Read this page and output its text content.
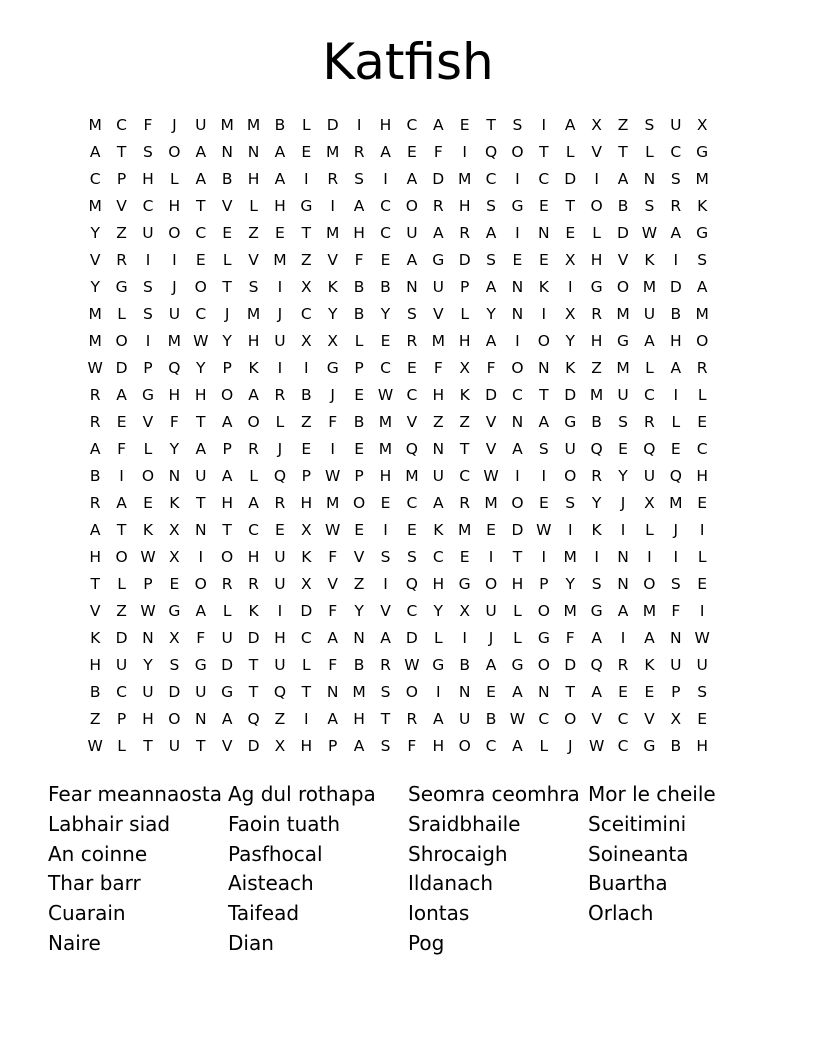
Katfish
M C	F	J	U M M B	L	D	I	H C	A	E	T	S	I	A	X	Z	S	U X
A	T	S O A N N A	E M R	A	E	F	I	Q O	T	L	V	T	L	C G
C	P	H	L	A	B H A	I	R	S	I	A D M C	I	C D	I	A N	S M
M V	C H	T	V	L	H G	I	A	C O R H	S G E	T	O B	S	R	K
Y	Z U O C	E	Z	E	T M H C U A	R	A	I	N	E	L	D W A G
V	R	I	I	E	L	V M Z	V	F	E	A G D	S	E	E	X H V	K	I	S
Y	G S	J	O	T	S	I	X	K	B	B N U	P	A N	K	I	G O M D A
M L	S	U C	J	M	J	C	Y	B	Y	S	V	L	Y	N	I	X	R M U B M
M O	I	M W Y	H U X	X	L	E	R M H A	I	O	Y	H G A H O
W D	P	Q	Y	P	K	I	I	G	P	C	E	F	X	F	O N	K	Z M L	A	R
R	A G H H O A	R	B	J	E W C H K D C	T	D M U C	I	L
R	E	V	F	T	A O	L	Z	F	B M V	Z	Z	V N A G B	S	R	L	E
A	F	L	Y	A	P	R	J	E	I	E M Q N	T	V	A	S	U Q E Q E	C
B	I	O N U A	L	Q	P W P	H M U C W	I	I	O R	Y	U Q H
R	A	E	K	T	H A	R H M O E	C	A	R M O E	S	Y	J	X M E
A	T	K	X N	T	C	E	X W E	I	E	K M E	D W	I	K	I	L	J	I
H O W X	I	O H U	K	F	V	S	S	C	E	I	T	I	M	I	N	I	I	L
T	L	P	E O R	R U X	V	Z	I	Q H G O H	P	Y	S	N O S	E
V	Z W G A	L	K	I	D	F	Y	V	C	Y	X U	L	O M G A M F	I
K D N X	F	U D H C	A N A D	L	I	J	L	G	F	A	I	A N W
H U	Y	S G D	T	U	L	F	B	R W G B	A G O D Q R	K	U U
B	C U D U G	T	Q	T	N M S O	I	N	E	A N	T	A	E	E	P	S
Z	P	H O N A Q Z	I	A H	T	R	A U B W C O V	C	V	X	E
W L	T	U	T	V D X H	P	A	S	F	H O C	A	L	J	W C G B H
Fear meannaosta
Labhair siad
An coinne
Thar barr
Cuarain
Naire
Ag dul rothapa
Faoin tuath
Pasfhocal
Aisteach
Taifead
Dian
Seomra ceomhra
Sraidbhaile
Shrocaigh
Ildanach
Iontas
Pog
Mor le cheile
Sceitimini
Soineanta
Buartha
Orlach
